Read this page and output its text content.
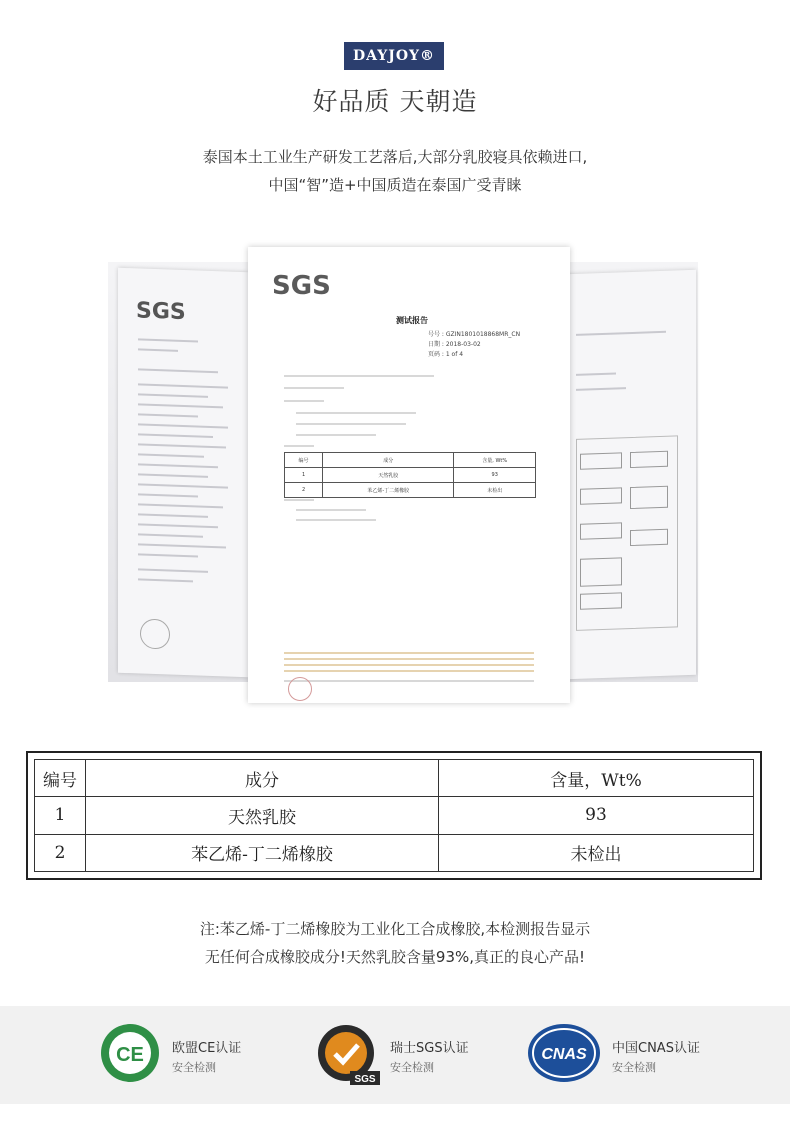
DAYJOY®
好品质 天朝造
泰国本土工业生产研发工艺落后,大部分乳胶寝具依赖进口,
中国“智”造+中国质造在泰国广受青睐
SGS
SGS
测试报告
号号 : GZIN1801018868MR_CN
日期 : 2018-03-02
页码 : 1 of 4
编号	成分	含量, Wt%
1	天然乳胶	93
2	苯乙烯-丁二烯橡胶	未检出
编号	成分	含量，Wt%
1	天然乳胶	93
2	苯乙烯-丁二烯橡胶	未检出
注:苯乙烯-丁二烯橡胶为工业化工合成橡胶,本检测报告显示
无任何合成橡胶成分!天然乳胶含量93%,真正的良心产品!
CE 欧盟CE认证
安全检测
SGS
瑞士SGS认证
安全检测
CNAS 中国CNAS认证
安全检测
